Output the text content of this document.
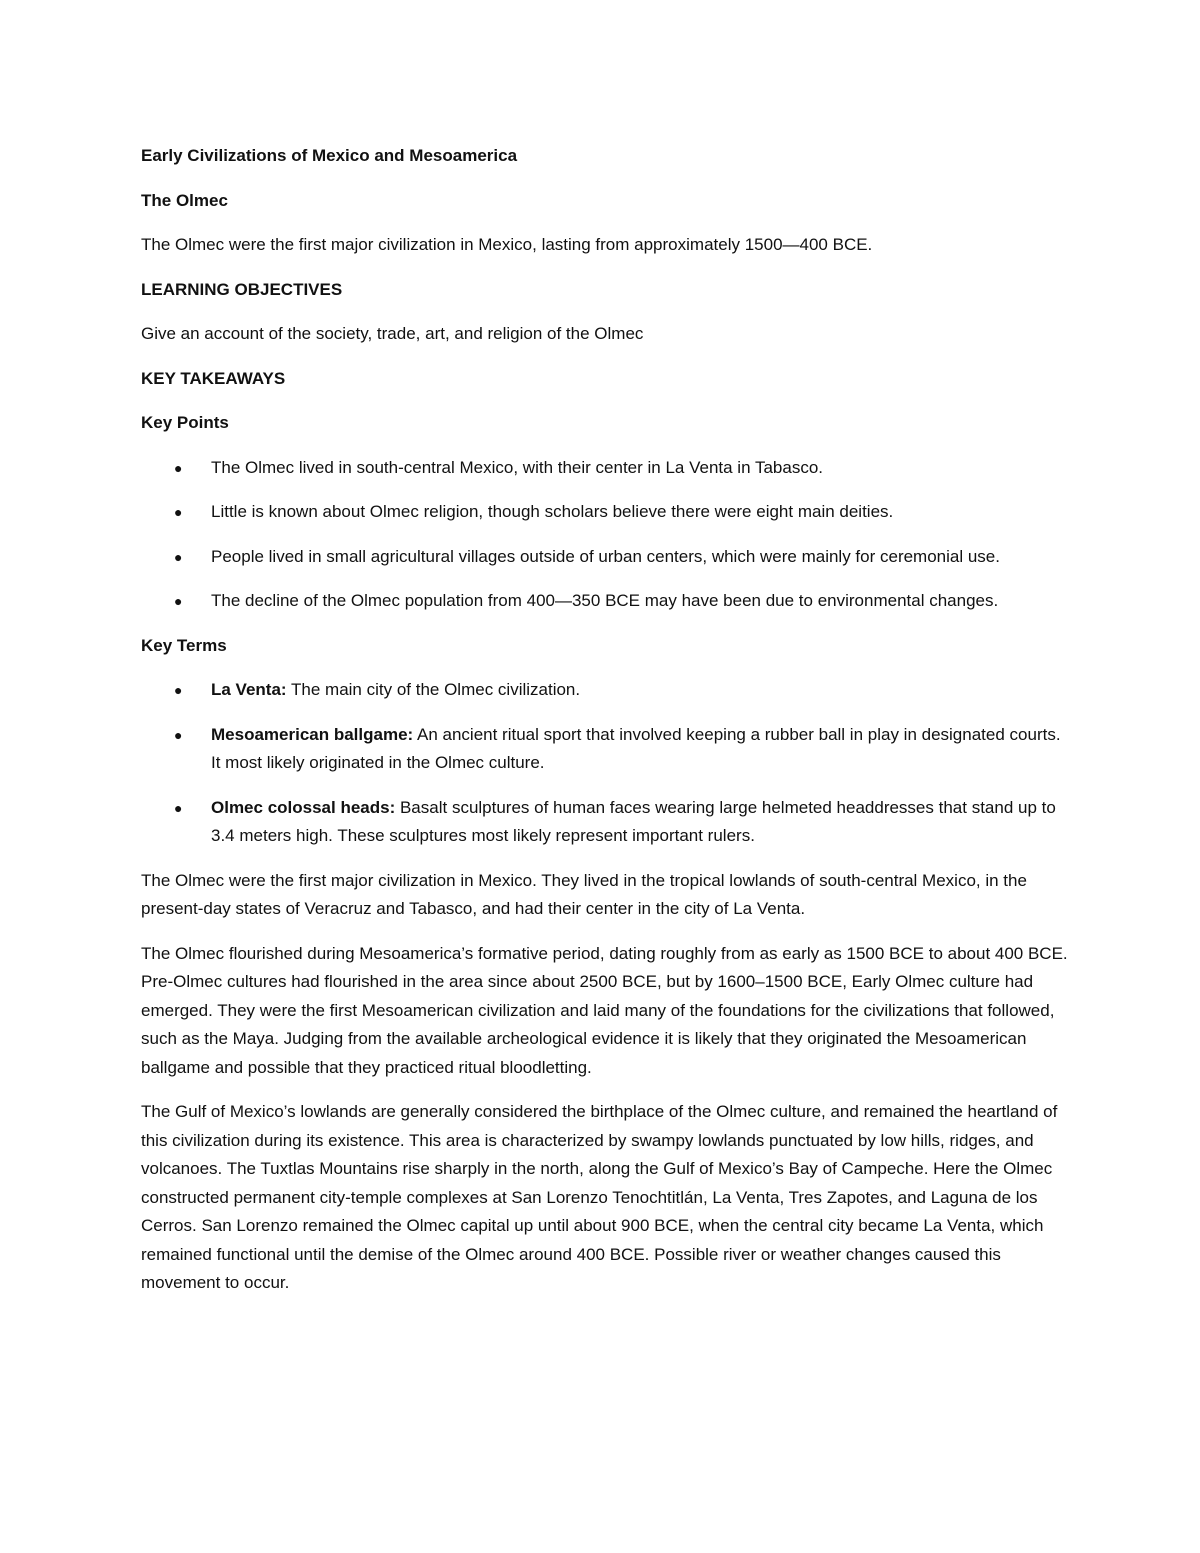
Early Civilizations of Mexico and Mesoamerica

The Olmec

The Olmec were the first major civilization in Mexico, lasting from approximately 1500—400 BCE.

LEARNING OBJECTIVES

Give an account of the society, trade, art, and religion of the Olmec

KEY TAKEAWAYS

Key Points

● The Olmec lived in south-central Mexico, with their center in La Venta in Tabasco.
● Little is known about Olmec religion, though scholars believe there were eight main deities.
● People lived in small agricultural villages outside of urban centers, which were mainly for ceremonial use.
● The decline of the Olmec population from 400—350 BCE may have been due to environmental changes.

Key Terms

● La Venta: The main city of the Olmec civilization.
● Mesoamerican ballgame: An ancient ritual sport that involved keeping a rubber ball in play in designated courts. It most likely originated in the Olmec culture.
● Olmec colossal heads: Basalt sculptures of human faces wearing large helmeted headdresses that stand up to 3.4 meters high. These sculptures most likely represent important rulers.

The Olmec were the first major civilization in Mexico. They lived in the tropical lowlands of south-central Mexico, in the present-day states of Veracruz and Tabasco, and had their center in the city of La Venta.

The Olmec flourished during Mesoamerica’s formative period, dating roughly from as early as 1500 BCE to about 400 BCE. Pre-Olmec cultures had flourished in the area since about 2500 BCE, but by 1600–1500 BCE, Early Olmec culture had emerged. They were the first Mesoamerican civilization and laid many of the foundations for the civilizations that followed, such as the Maya. Judging from the available archeological evidence it is likely that they originated the Mesoamerican ballgame and possible that they practiced ritual bloodletting.

The Gulf of Mexico’s lowlands are generally considered the birthplace of the Olmec culture, and remained the heartland of this civilization during its existence. This area is characterized by swampy lowlands punctuated by low hills, ridges, and volcanoes. The Tuxtlas Mountains rise sharply in the north, along the Gulf of Mexico’s Bay of Campeche. Here the Olmec constructed permanent city-temple complexes at San Lorenzo Tenochtitlán, La Venta, Tres Zapotes, and Laguna de los Cerros. San Lorenzo remained the Olmec capital up until about 900 BCE, when the central city became La Venta, which remained functional until the demise of the Olmec around 400 BCE. Possible river or weather changes caused this movement to occur.
